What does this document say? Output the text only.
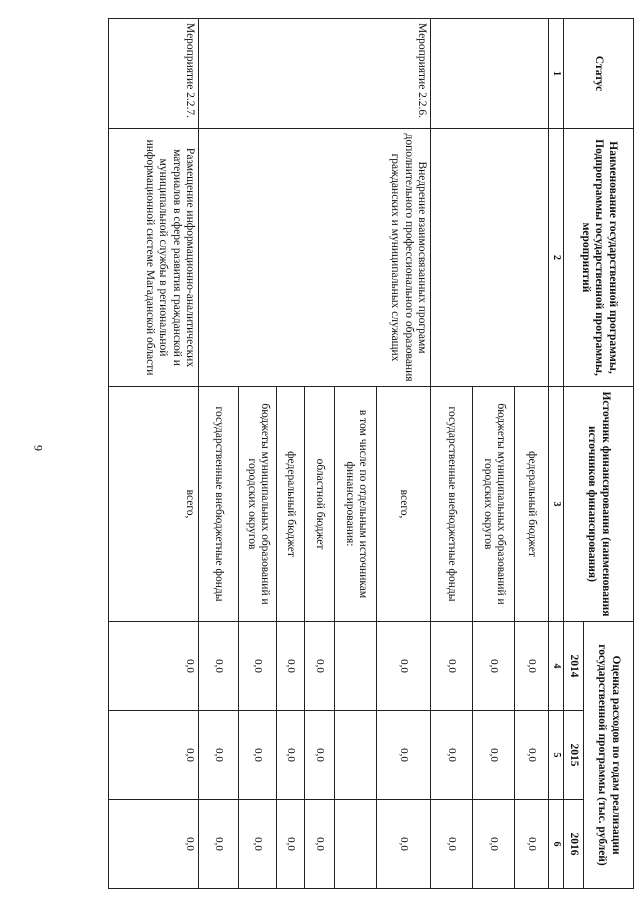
9
Статус	Наименование государственной программы, Подпрограммы государственной программы, мероприятий	Источник финансирования (наименования источников финансирования)	Оценка расходов по годам реализации государственной программы (тыс. рублей)		
			2014	2015	2016
1	2	3	4	5	6
		федеральный бюджет	0,0	0,0	0,0
		бюджеты муниципальных образований и городских округов	0,0	0,0	0,0
		государственные внебюджетные фонды	0,0	0,0	0,0
Мероприятие 2.2.6.	Внедрение взаимосвязанных программ дополнительного профессионального образования гражданских и муниципальных служащих	всего,	0,0	0,0	0,0
		в том числе по отдельным источникам финансирования:			
		областной бюджет	0,0	0,0	0,0
		федеральный бюджет	0,0	0,0	0,0
		бюджеты муниципальных образований и городских округов	0,0	0,0	0,0
		государственные внебюджетные фонды	0,0	0,0	0,0
Мероприятие 2.2.7.	Размещение информационно-аналитических материалов в сфере развития гражданской и муниципальной службы в региональной информационной системе Магаданской области	всего,	0,0	0,0	0,0
